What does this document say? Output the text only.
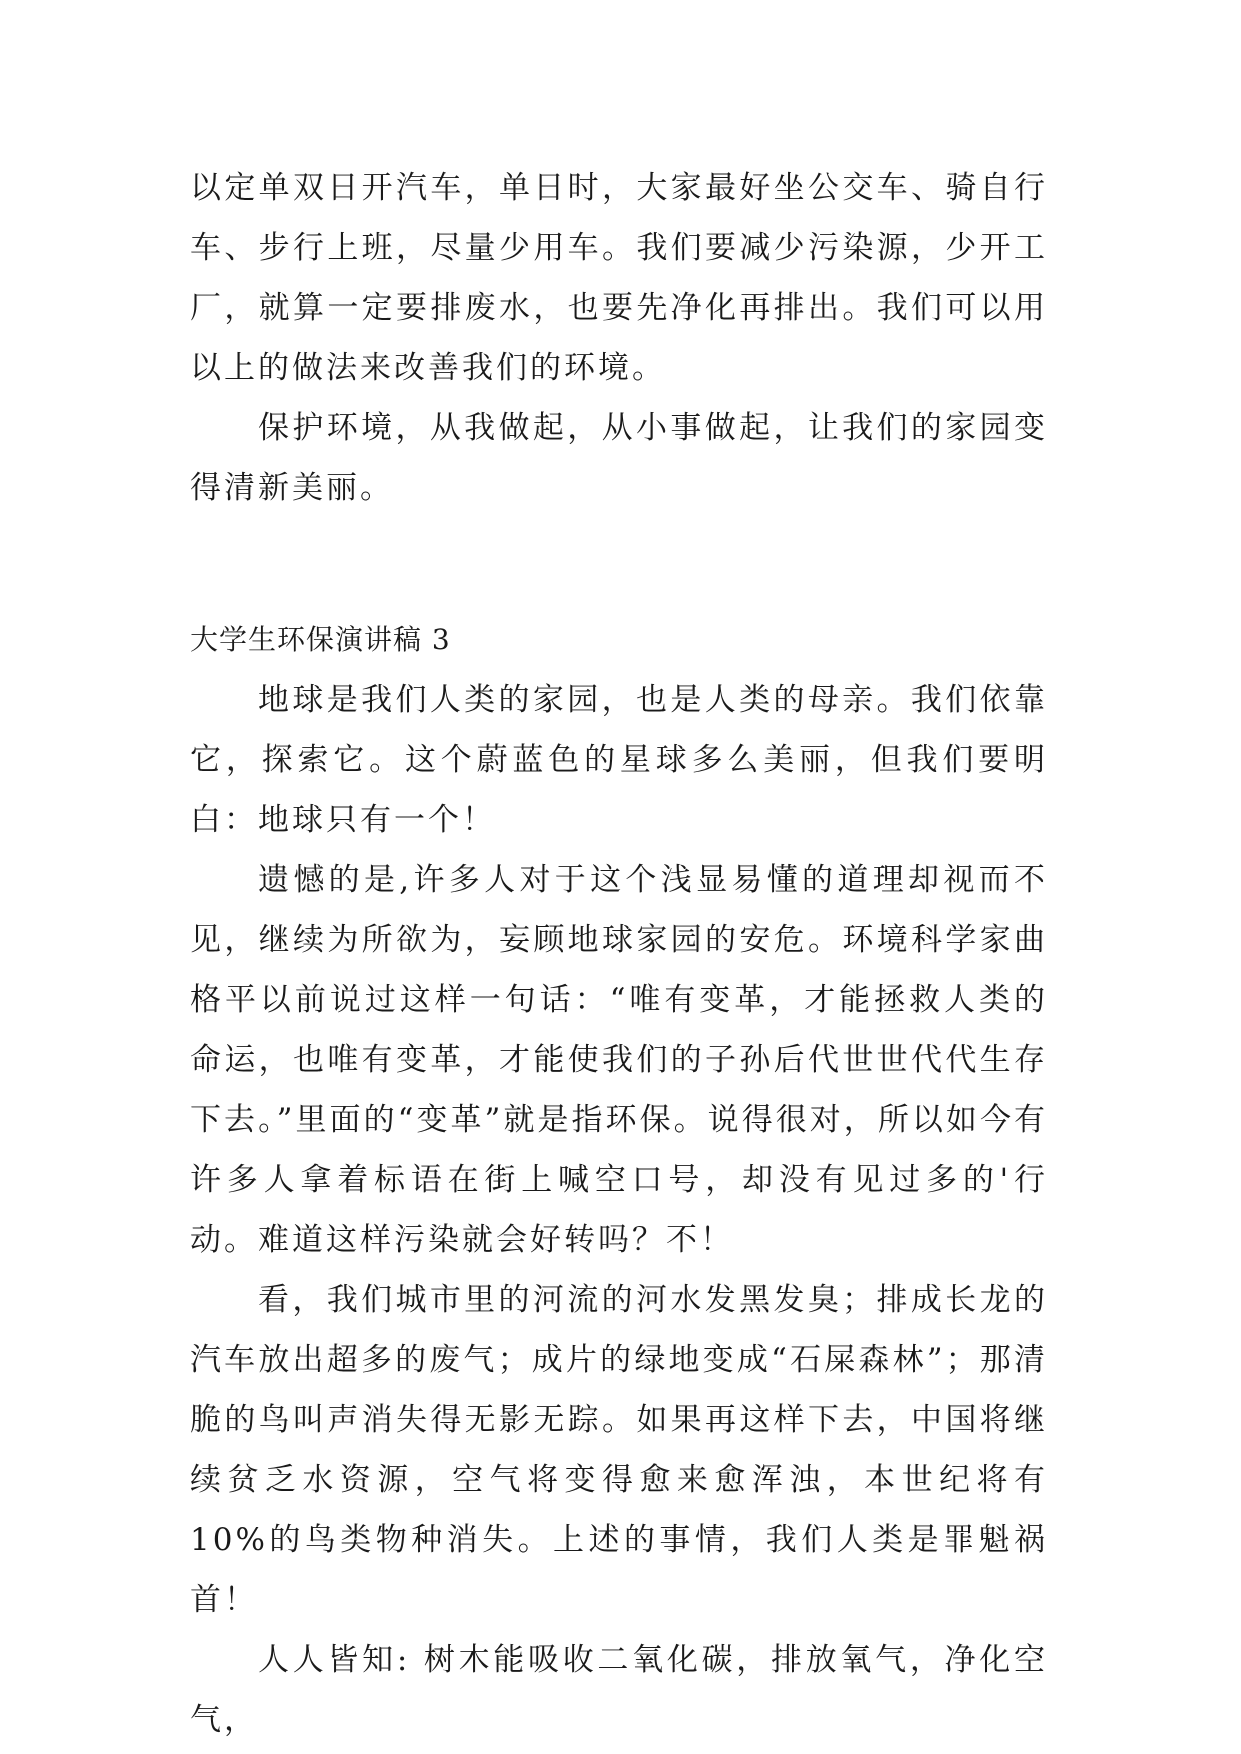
以定单双日开汽车，单日时，大家最好坐公交车、骑自行车、步行上班，尽量少用车。我们要减少污染源，少开工厂，就算一定要排废水，也要先净化再排出。我们可以用以上的做法来改善我们的环境。

保护环境，从我做起，从小事做起，让我们的家园变得清新美丽。

大学生环保演讲稿 3

地球是我们人类的家园，也是人类的母亲。我们依靠它，探索它。这个蔚蓝色的星球多么美丽，但我们要明白：地球只有一个！

遗憾的是,许多人对于这个浅显易懂的道理却视而不见，继续为所欲为，妄顾地球家园的安危。环境科学家曲格平以前说过这样一句话：“唯有变革，才能拯救人类的命运，也唯有变革，才能使我们的子孙后代世世代代生存下去。”里面的“变革”就是指环保。说得很对，所以如今有许多人拿着标语在街上喊空口号，却没有见过多的'行动。难道这样污染就会好转吗？不！

看，我们城市里的河流的河水发黑发臭；排成长龙的汽车放出超多的废气；成片的绿地变成“石屎森林”；那清脆的鸟叫声消失得无影无踪。如果再这样下去，中国将继续贫乏水资源，空气将变得愈来愈浑浊，本世纪将有 10%的鸟类物种消失。上述的事情，我们人类是罪魁祸首！

人人皆知: 树木能吸收二氧化碳，排放氧气，净化空气，
